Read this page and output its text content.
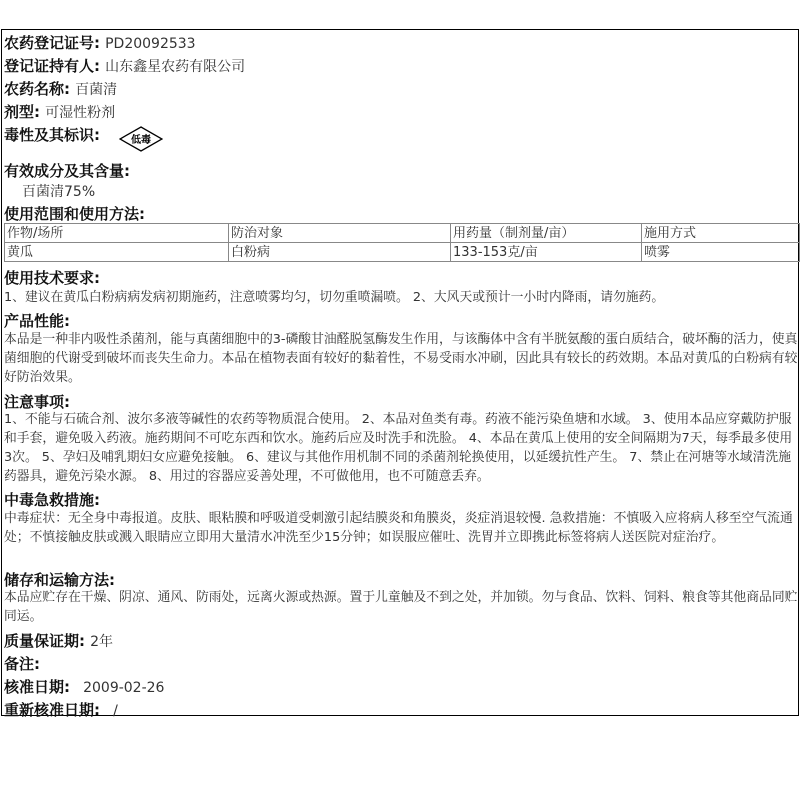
农药登记证号: PD20092533
登记证持有人: 山东鑫星农药有限公司
农药名称: 百菌清
剂型: 可湿性粉剂
毒性及其标识:	低毒
有效成分及其含量:
百菌清75%
使用范围和使用方法:
作物/场所	防治对象	用药量（制剂量/亩）	施用方式
黄瓜	白粉病	133-153克/亩	喷雾
使用技术要求:
1、建议在黄瓜白粉病病发病初期施药，注意喷雾均匀，切勿重喷漏喷。 2、大风天或预计一小时内降雨，请勿施药。
产品性能:
本品是一种非内吸性杀菌剂，能与真菌细胞中的3-磷酸甘油醛脱氢酶发生作用，与该酶体中含有半胱氨酸的蛋白质结合，破坏酶的活力，使真菌细胞的代谢受到破坏而丧失生命力。本品在植物表面有较好的黏着性，不易受雨水冲刷，因此具有较长的药效期。本品对黄瓜的白粉病有较好防治效果。
注意事项:
1、不能与石硫合剂、波尔多液等碱性的农药等物质混合使用。 2、本品对鱼类有毒。药液不能污染鱼塘和水域。 3、使用本品应穿戴防护服和手套，避免吸入药液。施药期间不可吃东西和饮水。施药后应及时洗手和洗脸。 4、本品在黄瓜上使用的安全间隔期为7天，每季最多使用3次。 5、孕妇及哺乳期妇女应避免接触。 6、建议与其他作用机制不同的杀菌剂轮换使用，以延缓抗性产生。 7、禁止在河塘等水域清洗施药器具，避免污染水源。 8、用过的容器应妥善处理，不可做他用，也不可随意丢弃。
中毒急救措施:
中毒症状：无全身中毒报道。皮肤、眼粘膜和呼吸道受刺激引起结膜炎和角膜炎，炎症消退较慢. 急救措施：不慎吸入应将病人移至空气流通处；不慎接触皮肤或溅入眼睛应立即用大量清水冲洗至少15分钟；如误服应催吐、洗胃并立即携此标签将病人送医院对症治疗。
储存和运输方法:
本品应贮存在干燥、阴凉、通风、防雨处，远离火源或热源。置于儿童触及不到之处，并加锁。勿与食品、饮料、饲料、粮食等其他商品同贮同运。
质量保证期: 2年
备注:
核准日期: 2009-02-26
重新核准日期: /
